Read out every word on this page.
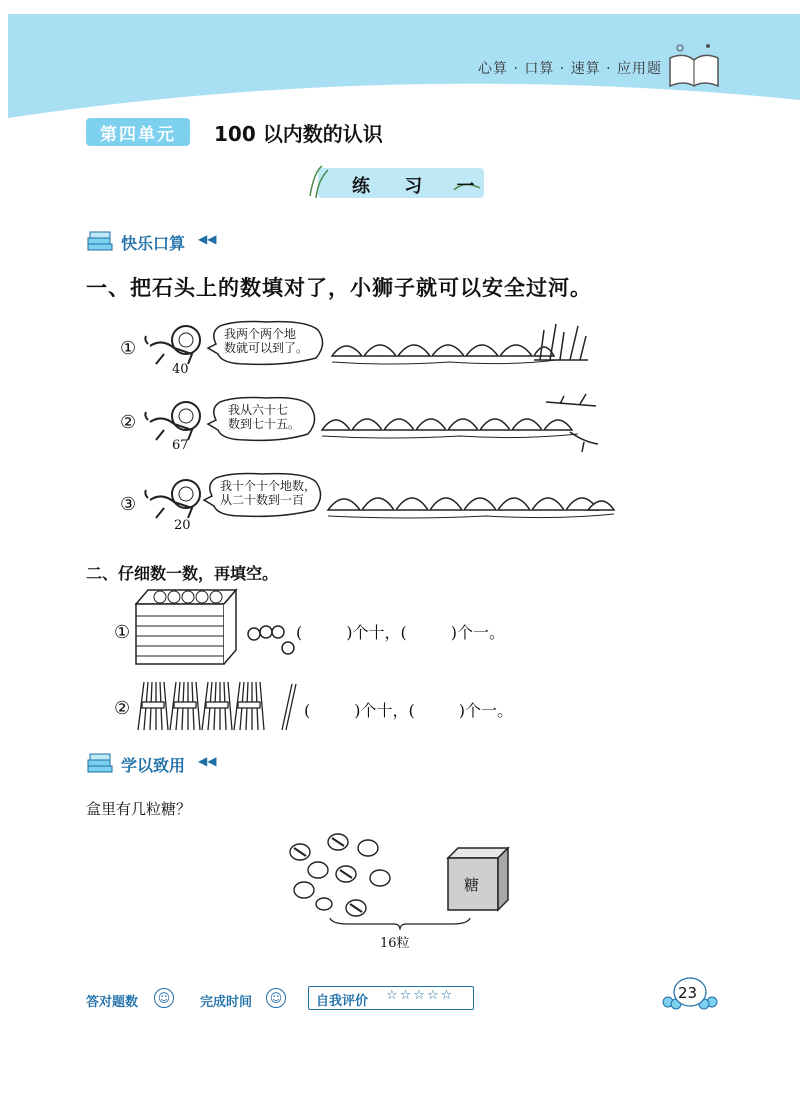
心算 · 口算 · 速算 · 应用题
第四单元	100 以内数的认识
练 习 一
快乐口算 ◀◀
一、把石头上的数填对了，小狮子就可以安全过河。
①
40
我两个两个地
数就可以到了。
②
67
我从六十七
数到七十五。
③
20
我十个十个地数，
从二十数到一百
二、仔细数一数，再填空。
①	(	)个十，(	)个一。
②	(	)个十，(	)个一。
学以致用 ◀◀
盒里有几粒糖？
糖
16粒
答对题数	☺ 完成时间	☺	自我评价 ☆☆☆☆☆	23
